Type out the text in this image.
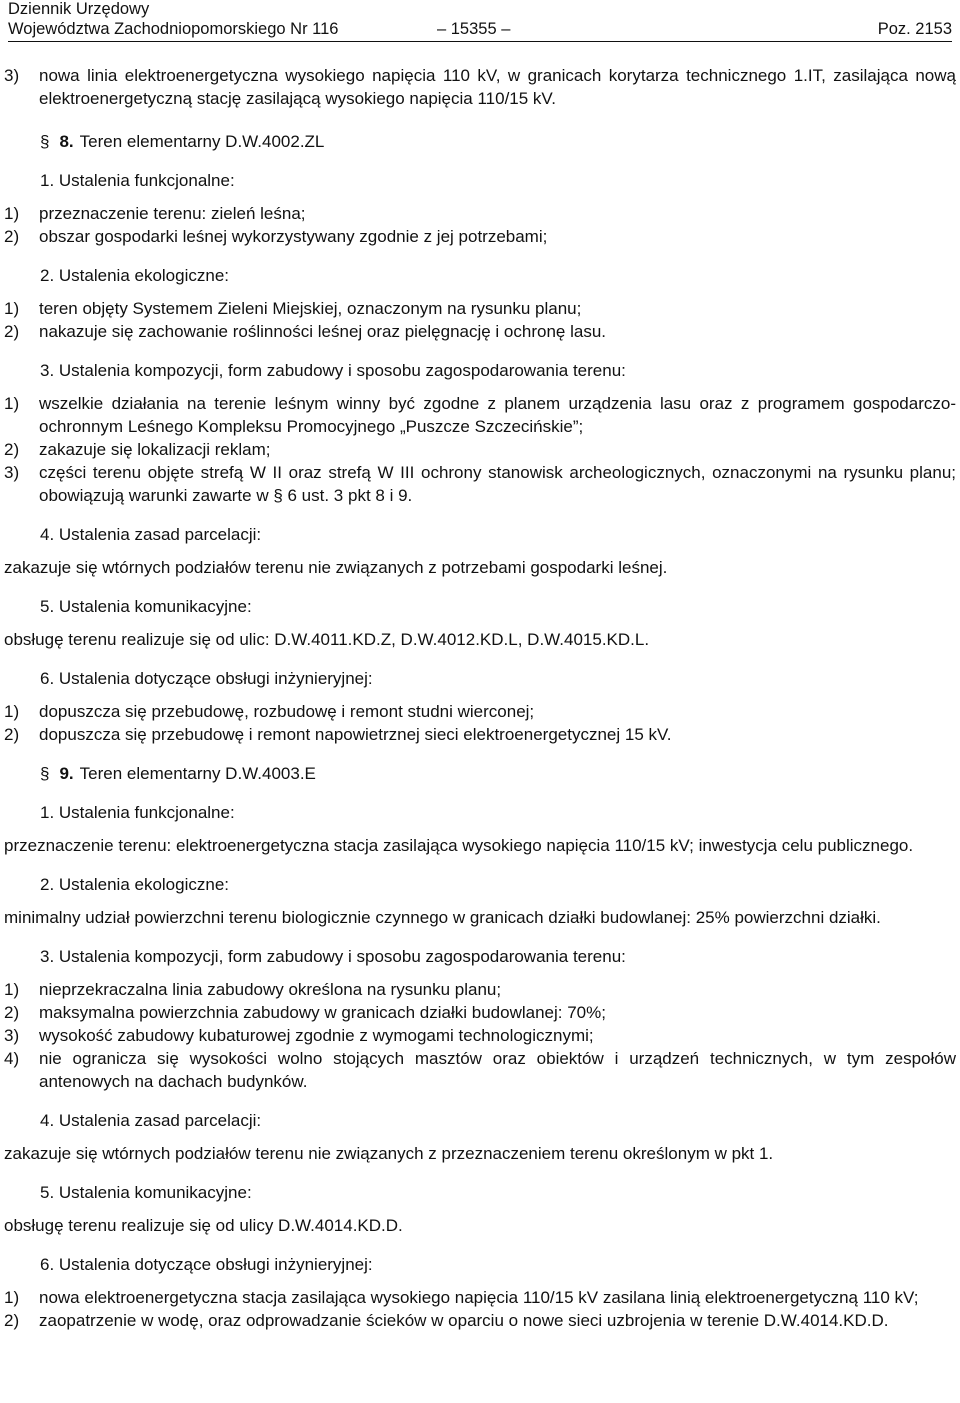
Dziennik Urzędowy
Województwa Zachodniopomorskiego Nr 116	– 15355 –	Poz. 2153
3) nowa linia elektroenergetyczna wysokiego napięcia 110 kV, w granicach korytarza technicznego 1.IT, zasilająca nową elektroenergetyczną stację zasilającą wysokiego napięcia 110/15 kV.
§ 8. Teren elementarny D.W.4002.ZL
1. Ustalenia funkcjonalne:
1) przeznaczenie terenu: zieleń leśna;
2) obszar gospodarki leśnej wykorzystywany zgodnie z jej potrzebami;
2. Ustalenia ekologiczne:
1) teren objęty Systemem Zieleni Miejskiej, oznaczonym na rysunku planu;
2) nakazuje się zachowanie roślinności leśnej oraz pielęgnację i ochronę lasu.
3. Ustalenia kompozycji, form zabudowy i sposobu zagospodarowania terenu:
1) wszelkie działania na terenie leśnym winny być zgodne z planem urządzenia lasu oraz z programem gospodarczo-ochronnym Leśnego Kompleksu Promocyjnego „Puszcze Szczecińskie”;
2) zakazuje się lokalizacji reklam;
3) części terenu objęte strefą W II oraz strefą W III ochrony stanowisk archeologicznych, oznaczonymi na rysunku planu; obowiązują warunki zawarte w § 6 ust. 3 pkt 8 i 9.
4. Ustalenia zasad parcelacji:
zakazuje się wtórnych podziałów terenu nie związanych z potrzebami gospodarki leśnej.
5. Ustalenia komunikacyjne:
obsługę terenu realizuje się od ulic: D.W.4011.KD.Z, D.W.4012.KD.L, D.W.4015.KD.L.
6. Ustalenia dotyczące obsługi inżynieryjnej:
1) dopuszcza się przebudowę, rozbudowę i remont studni wierconej;
2) dopuszcza się przebudowę i remont napowietrznej sieci elektroenergetycznej 15 kV.
§ 9. Teren elementarny D.W.4003.E
1. Ustalenia funkcjonalne:
przeznaczenie terenu: elektroenergetyczna stacja zasilająca wysokiego napięcia 110/15 kV; inwestycja celu publicznego.
2. Ustalenia ekologiczne:
minimalny udział powierzchni terenu biologicznie czynnego w granicach działki budowlanej: 25% powierzchni działki.
3. Ustalenia kompozycji, form zabudowy i sposobu zagospodarowania terenu:
1) nieprzekraczalna linia zabudowy określona na rysunku planu;
2) maksymalna powierzchnia zabudowy w granicach działki budowlanej: 70%;
3) wysokość zabudowy kubaturowej zgodnie z wymogami technologicznymi;
4) nie ogranicza się wysokości wolno stojących masztów oraz obiektów i urządzeń technicznych, w tym zespołów antenowych na dachach budynków.
4. Ustalenia zasad parcelacji:
zakazuje się wtórnych podziałów terenu nie związanych z przeznaczeniem terenu określonym w pkt 1.
5. Ustalenia komunikacyjne:
obsługę terenu realizuje się od ulicy D.W.4014.KD.D.
6. Ustalenia dotyczące obsługi inżynieryjnej:
1) nowa elektroenergetyczna stacja zasilająca wysokiego napięcia 110/15 kV zasilana linią elektroenergetyczną 110 kV;
2) zaopatrzenie w wodę, oraz odprowadzanie ścieków w oparciu o nowe sieci uzbrojenia w terenie D.W.4014.KD.D.
